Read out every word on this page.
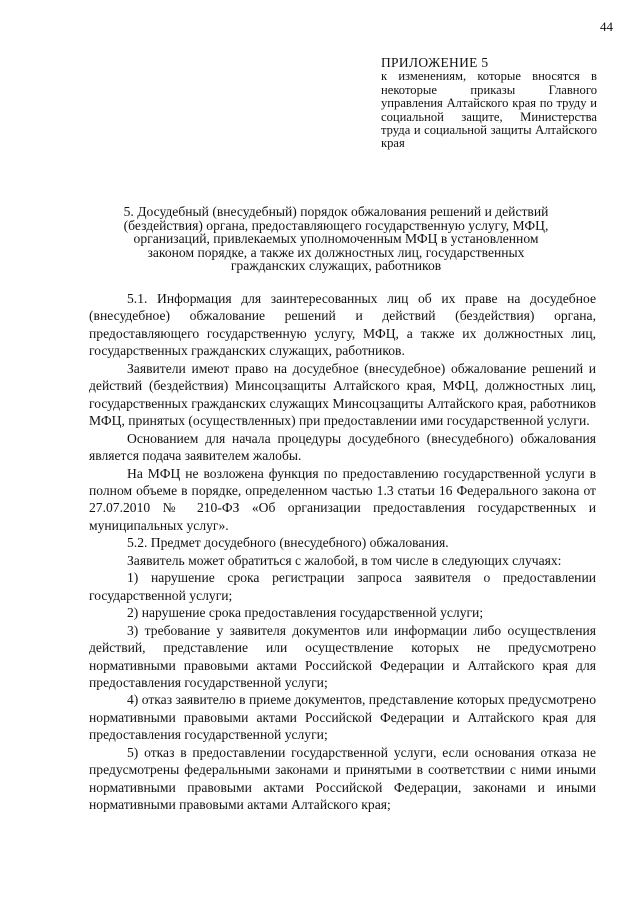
44
ПРИЛОЖЕНИЕ 5
к изменениям, которые вносятся в некоторые приказы Главного управления Алтайского края по труду и социальной защите, Министерства труда и социальной защиты Алтайского края
5. Досудебный (внесудебный) порядок обжалования решений и действий (бездействия) органа, предоставляющего государственную услугу, МФЦ, организаций, привлекаемых уполномоченным МФЦ в установленном законом порядке, а также их должностных лиц, государственных гражданских служащих, работников

5.1. Информация для заинтересованных лиц об их праве на досудебное (внесудебное) обжалование решений и действий (бездействия) органа, предоставляющего государственную услугу, МФЦ, а также их должностных лиц, государственных гражданских служащих, работников.

Заявители имеют право на досудебное (внесудебное) обжалование решений и действий (бездействия) Минсоцзащиты Алтайского края, МФЦ, должностных лиц, государственных гражданских служащих Минсоцзащиты Алтайского края, работников МФЦ, принятых (осуществленных) при предоставлении ими государственной услуги.

Основанием для начала процедуры досудебного (внесудебного) обжалования является подача заявителем жалобы.

На МФЦ не возложена функция по предоставлению государственной услуги в полном объеме в порядке, определенном частью 1.3 статьи 16 Федерального закона от 27.07.2010 № 210-ФЗ «Об организации предоставления государственных и муниципальных услуг».

5.2. Предмет досудебного (внесудебного) обжалования.

Заявитель может обратиться с жалобой, в том числе в следующих случаях:

1) нарушение срока регистрации запроса заявителя о предоставлении государственной услуги;

2) нарушение срока предоставления государственной услуги;

3) требование у заявителя документов или информации либо осуществления действий, представление или осуществление которых не предусмотрено нормативными правовыми актами Российской Федерации и Алтайского края для предоставления государственной услуги;

4) отказ заявителю в приеме документов, представление которых предусмотрено нормативными правовыми актами Российской Федерации и Алтайского края для предоставления государственной услуги;

5) отказ в предоставлении государственной услуги, если основания отказа не предусмотрены федеральными законами и принятыми в соответствии с ними иными нормативными правовыми актами Российской Федерации, законами и иными нормативными правовыми актами Алтайского края;
